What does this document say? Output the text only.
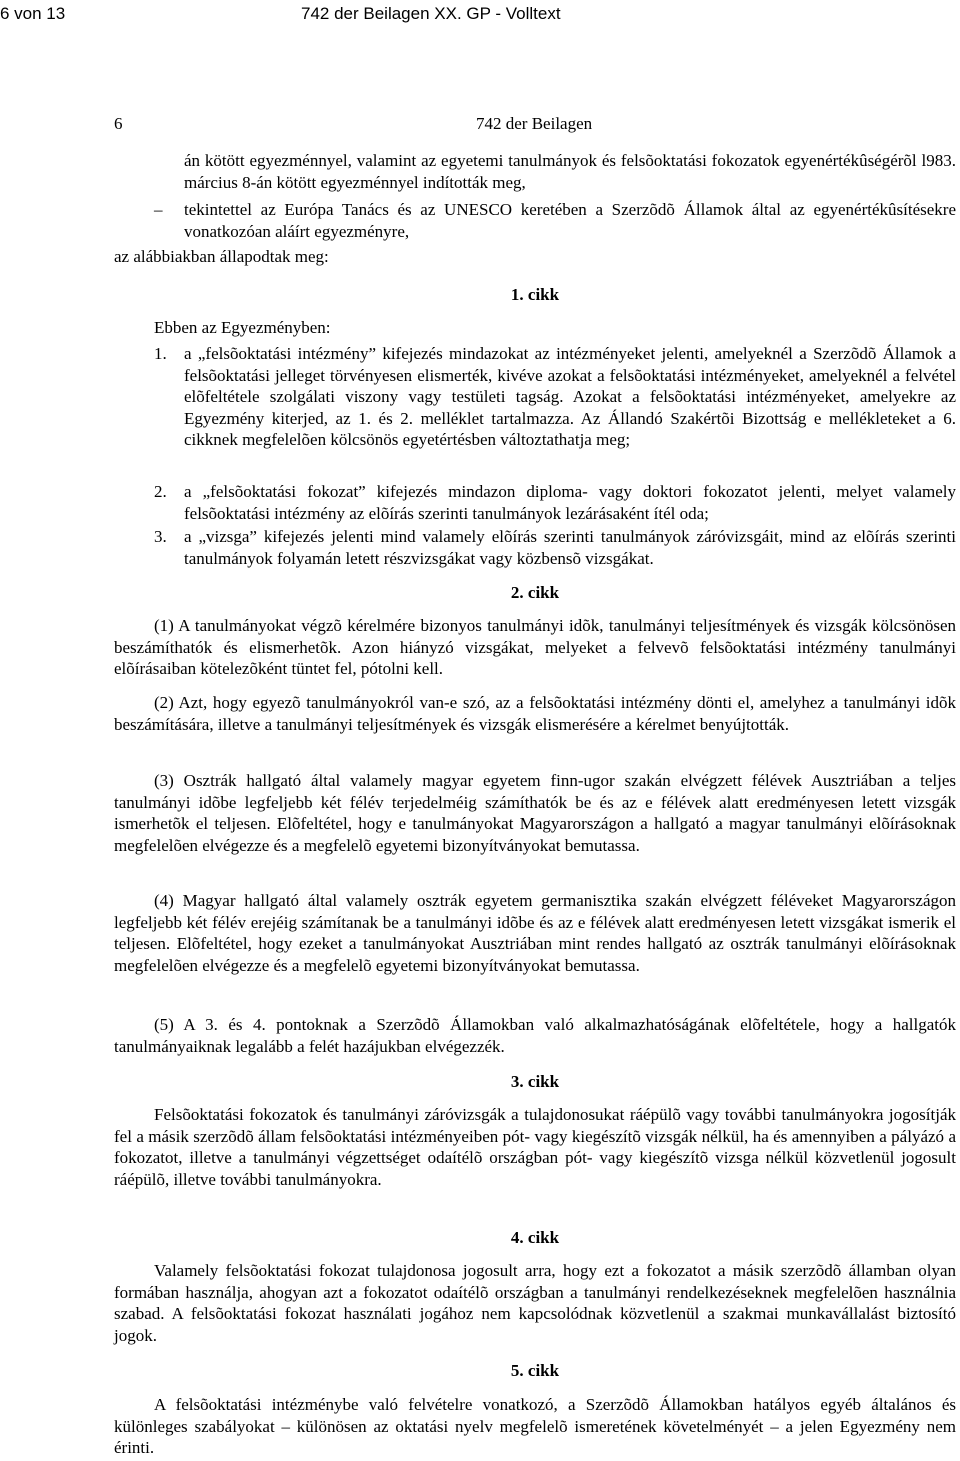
6 von 13	742 der Beilagen XX. GP - Volltext
6	742 der Beilagen
án kötött egyezménnyel, valamint az egyetemi tanulmányok és felsõoktatási fokozatok egyenértékûségérõl l983. március 8-án kötött egyezménnyel indították meg,
– tekintettel az Európa Tanács és az UNESCO keretében a Szerzõdõ Államok által az egyenértékûsítésekre vonatkozóan aláírt egyezményre,
az alábbiakban állapodtak meg:
1. cikk
Ebben az Egyezményben:
1. a „felsõoktatási intézmény” kifejezés mindazokat az intézményeket jelenti, amelyeknél a Szerzõdõ Államok a felsõoktatási jelleget törvényesen elismerték, kivéve azokat a felsõoktatási intézményeket, amelyeknél a felvétel elõfeltétele szolgálati viszony vagy testületi tagság. Azokat a felsõoktatási intézményeket, amelyekre az Egyezmény kiterjed, az 1. és 2. melléklet tartalmazza. Az Állandó Szakértõi Bizottság e mellékleteket a 6. cikknek megfelelõen kölcsönös egyetértésben változtathatja meg;
2. a „felsõoktatási fokozat” kifejezés mindazon diploma- vagy doktori fokozatot jelenti, melyet valamely felsõoktatási intézmény az elõírás szerinti tanulmányok lezárásaként ítél oda;
3. a „vizsga” kifejezés jelenti mind valamely elõírás szerinti tanulmányok záróvizsgáit, mind az elõírás szerinti tanulmányok folyamán letett részvizsgákat vagy közbensõ vizsgákat.
2. cikk
(1) A tanulmányokat végzõ kérelmére bizonyos tanulmányi idõk, tanulmányi teljesítmények és vizsgák kölcsönösen beszámíthatók és elismerhetõk. Azon hiányzó vizsgákat, melyeket a felvevõ felsõoktatási intézmény tanulmányi elõírásaiban kötelezõként tüntet fel, pótolni kell.
(2) Azt, hogy egyezõ tanulmányokról van-e szó, az a felsõoktatási intézmény dönti el, amelyhez a tanulmányi idõk beszámítására, illetve a tanulmányi teljesítmények és vizsgák elismerésére a kérelmet benyújtották.
(3) Osztrák hallgató által valamely magyar egyetem finn-ugor szakán elvégzett félévek Ausztriában a teljes tanulmányi idõbe legfeljebb két félév terjedelméig számíthatók be és az e félévek alatt eredményesen letett vizsgák ismerhetõk el teljesen. Elõfeltétel, hogy e tanulmányokat Magyarországon a hallgató a magyar tanulmányi elõírásoknak megfelelõen elvégezze és a megfelelõ egyetemi bizonyítványokat bemutassa.
(4) Magyar hallgató által valamely osztrák egyetem germanisztika szakán elvégzett féléveket Magyarországon legfeljebb két félév erejéig számítanak be a tanulmányi idõbe és az e félévek alatt eredményesen letett vizsgákat ismerik el teljesen. Elõfeltétel, hogy ezeket a tanulmányokat Ausztriában mint rendes hallgató az osztrák tanulmányi elõírásoknak megfelelõen elvégezze és a megfelelõ egyetemi bizonyítványokat bemutassa.
(5) A 3. és 4. pontoknak a Szerzõdõ Államokban való alkalmazhatóságának elõfeltétele, hogy a hallgatók tanulmányaiknak legalább a felét hazájukban elvégezzék.
3. cikk
Felsõoktatási fokozatok és tanulmányi záróvizsgák a tulajdonosukat ráépülõ vagy további tanulmányokra jogosítják fel a másik szerzõdõ állam felsõoktatási intézményeiben pót- vagy kiegészítõ vizsgák nélkül, ha és amennyiben a pályázó a fokozatot, illetve a tanulmányi végzettséget odaítélõ országban pót- vagy kiegészítõ vizsga nélkül közvetlenül jogosult ráépülõ, illetve további tanulmányokra.
4. cikk
Valamely felsõoktatási fokozat tulajdonosa jogosult arra, hogy ezt a fokozatot a másik szerzõdõ államban olyan formában használja, ahogyan azt a fokozatot odaítélõ országban a tanulmányi rendelkezéseknek megfelelõen használnia szabad. A felsõoktatási fokozat használati jogához nem kapcsolódnak közvetlenül a szakmai munkavállalást biztosító jogok.
5. cikk
A felsõoktatási intézménybe való felvételre vonatkozó, a Szerzõdõ Államokban hatályos egyéb általános és különleges szabályokat – különösen az oktatási nyelv megfelelõ ismeretének követelményét – a jelen Egyezmény nem érinti.
